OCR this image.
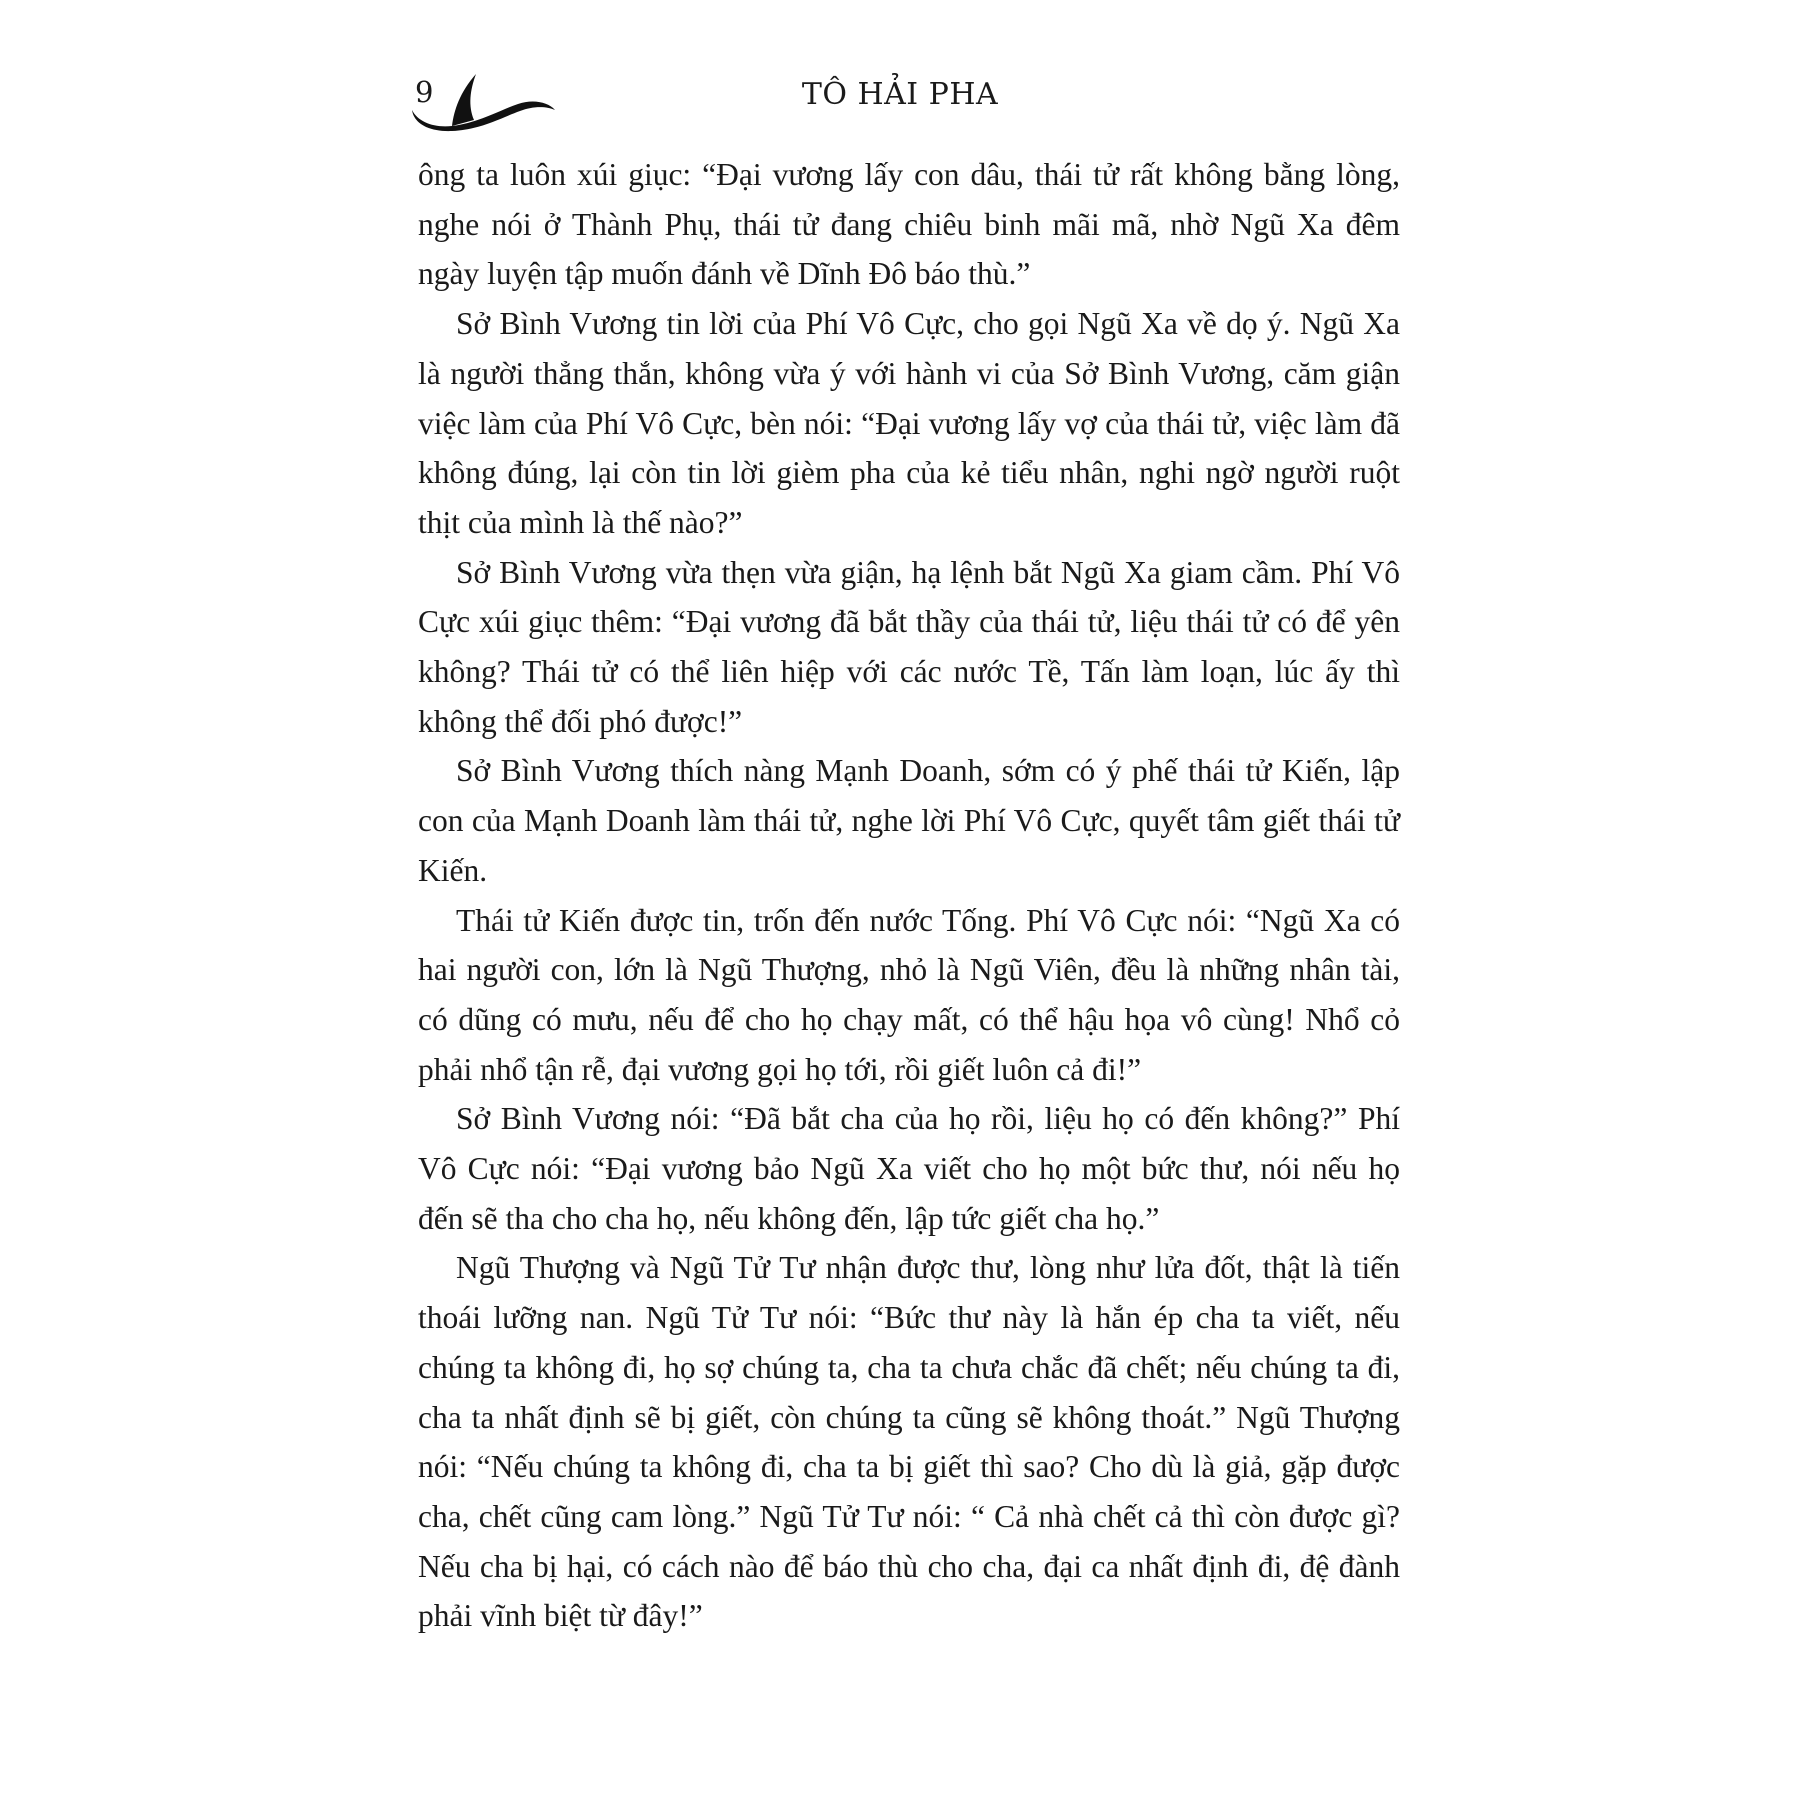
9	TÔ HẢI PHA

ông ta luôn xúi giục: “Đại vương lấy con dâu, thái tử rất không bằng lòng, nghe nói ở Thành Phụ, thái tử đang chiêu binh mãi mã, nhờ Ngũ Xa đêm ngày luyện tập muốn đánh về Dĩnh Đô báo thù.”

Sở Bình Vương tin lời của Phí Vô Cực, cho gọi Ngũ Xa về dọ ý. Ngũ Xa là người thẳng thắn, không vừa ý với hành vi của Sở Bình Vương, căm giận việc làm của Phí Vô Cực, bèn nói: “Đại vương lấy vợ của thái tử, việc làm đã không đúng, lại còn tin lời gièm pha của kẻ tiểu nhân, nghi ngờ người ruột thịt của mình là thế nào?”

Sở Bình Vương vừa thẹn vừa giận, hạ lệnh bắt Ngũ Xa giam cầm. Phí Vô Cực xúi giục thêm: “Đại vương đã bắt thầy của thái tử, liệu thái tử có để yên không? Thái tử có thể liên hiệp với các nước Tề, Tấn làm loạn, lúc ấy thì không thể đối phó được!”

Sở Bình Vương thích nàng Mạnh Doanh, sớm có ý phế thái tử Kiến, lập con của Mạnh Doanh làm thái tử, nghe lời Phí Vô Cực, quyết tâm giết thái tử Kiến.

Thái tử Kiến được tin, trốn đến nước Tống. Phí Vô Cực nói: “Ngũ Xa có hai người con, lớn là Ngũ Thượng, nhỏ là Ngũ Viên, đều là những nhân tài, có dũng có mưu, nếu để cho họ chạy mất, có thể hậu họa vô cùng! Nhổ cỏ phải nhổ tận rễ, đại vương gọi họ tới, rồi giết luôn cả đi!”

Sở Bình Vương nói: “Đã bắt cha của họ rồi, liệu họ có đến không?” Phí Vô Cực nói: “Đại vương bảo Ngũ Xa viết cho họ một bức thư, nói nếu họ đến sẽ tha cho cha họ, nếu không đến, lập tức giết cha họ.”

Ngũ Thượng và Ngũ Tử Tư nhận được thư, lòng như lửa đốt, thật là tiến thoái lưỡng nan. Ngũ Tử Tư nói: “Bức thư này là hắn ép cha ta viết, nếu chúng ta không đi, họ sợ chúng ta, cha ta chưa chắc đã chết; nếu chúng ta đi, cha ta nhất định sẽ bị giết, còn chúng ta cũng sẽ không thoát.” Ngũ Thượng nói: “Nếu chúng ta không đi, cha ta bị giết thì sao? Cho dù là giả, gặp được cha, chết cũng cam lòng.” Ngũ Tử Tư nói: “ Cả nhà chết cả thì còn được gì? Nếu cha bị hại, có cách nào để báo thù cho cha, đại ca nhất định đi, đệ đành phải vĩnh biệt từ đây!”
